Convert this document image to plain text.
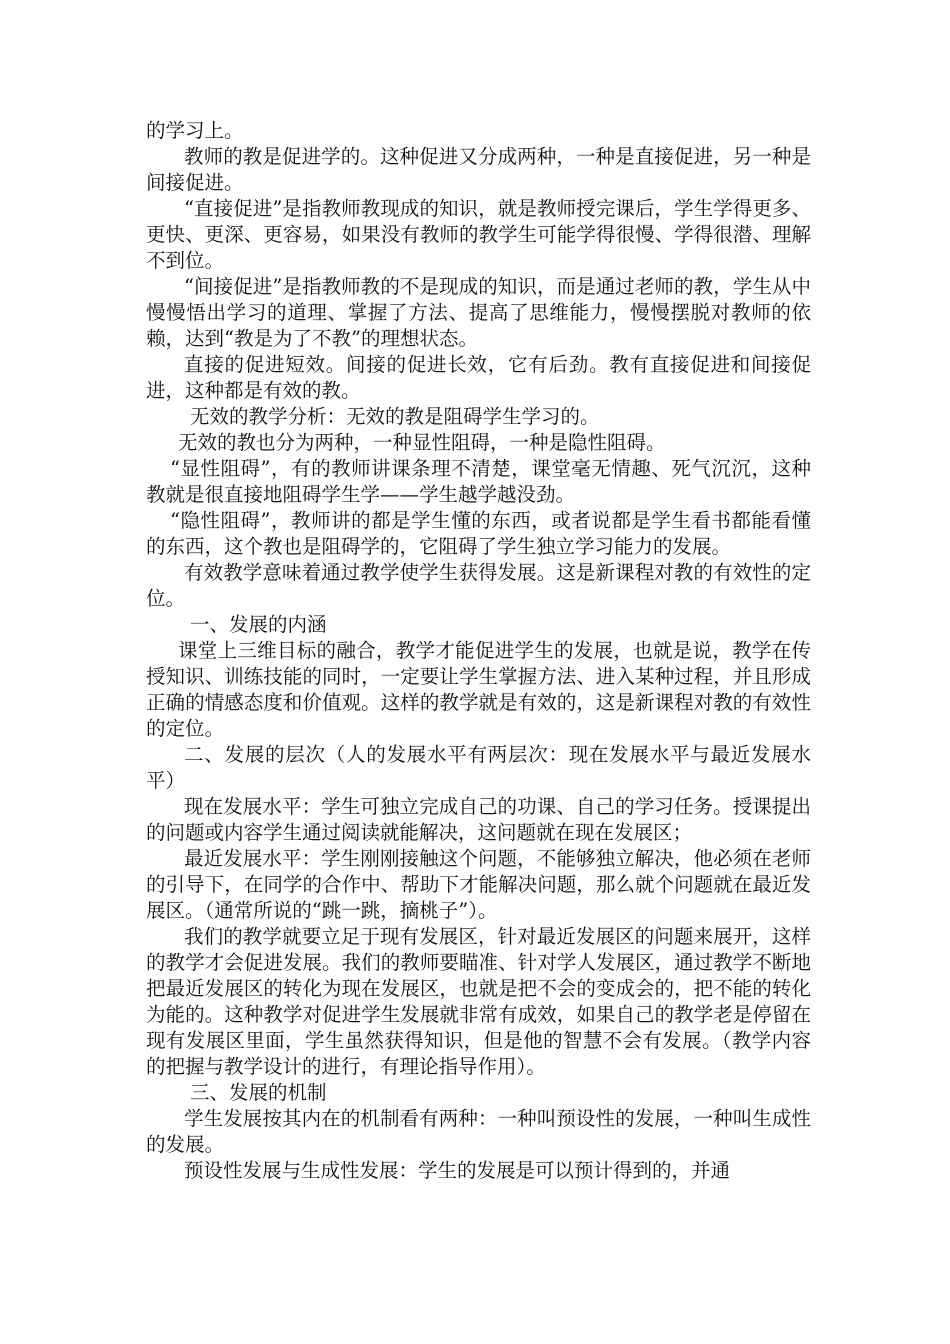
的学习上。

教师的教是促进学的。这种促进又分成两种，一种是直接促进，另一种是间接促进。

“直接促进”是指教师教现成的知识，就是教师授完课后，学生学得更多、更快、更深、更容易，如果没有教师的教学生可能学得很慢、学得很潜、理解不到位。

“间接促进”是指教师教的不是现成的知识，而是通过老师的教，学生从中慢慢悟出学习的道理、掌握了方法、提高了思维能力，慢慢摆脱对教师的依赖，达到“教是为了不教”的理想状态。

直接的促进短效。间接的促进长效，它有后劲。教有直接促进和间接促进，这种都是有效的教。

无效的教学分析：无效的教是阻碍学生学习的。

无效的教也分为两种，一种显性阻碍，一种是隐性阻碍。

“显性阻碍”，有的教师讲课条理不清楚，课堂毫无情趣、死气沉沉，这种教就是很直接地阻碍学生学——学生越学越没劲。

“隐性阻碍”，教师讲的都是学生懂的东西，或者说都是学生看书都能看懂的东西，这个教也是阻碍学的，它阻碍了学生独立学习能力的发展。

有效教学意味着通过教学使学生获得发展。这是新课程对教的有效性的定位。

一、发展的内涵

课堂上三维目标的融合，教学才能促进学生的发展，也就是说，教学在传授知识、训练技能的同时，一定要让学生掌握方法、进入某种过程，并且形成正确的情感态度和价值观。这样的教学就是有效的，这是新课程对教的有效性的定位。

二、发展的层次（人的发展水平有两层次：现在发展水平与最近发展水平）

现在发展水平：学生可独立完成自己的功课、自己的学习任务。授课提出的问题或内容学生通过阅读就能解决，这问题就在现在发展区；

最近发展水平：学生刚刚接触这个问题，不能够独立解决，他必须在老师的引导下，在同学的合作中、帮助下才能解决问题，那么就个问题就在最近发展区。（通常所说的“跳一跳，摘桃子”）。

我们的教学就要立足于现有发展区，针对最近发展区的问题来展开，这样的教学才会促进发展。我们的教师要瞄准、针对学人发展区，通过教学不断地把最近发展区的转化为现在发展区，也就是把不会的变成会的，把不能的转化为能的。这种教学对促进学生发展就非常有成效，如果自己的教学老是停留在现有发展区里面，学生虽然获得知识，但是他的智慧不会有发展。（教学内容的把握与教学设计的进行，有理论指导作用）。

三、发展的机制

学生发展按其内在的机制看有两种：一种叫预设性的发展，一种叫生成性的发展。

预设性发展与生成性发展：学生的发展是可以预计得到的，并通
